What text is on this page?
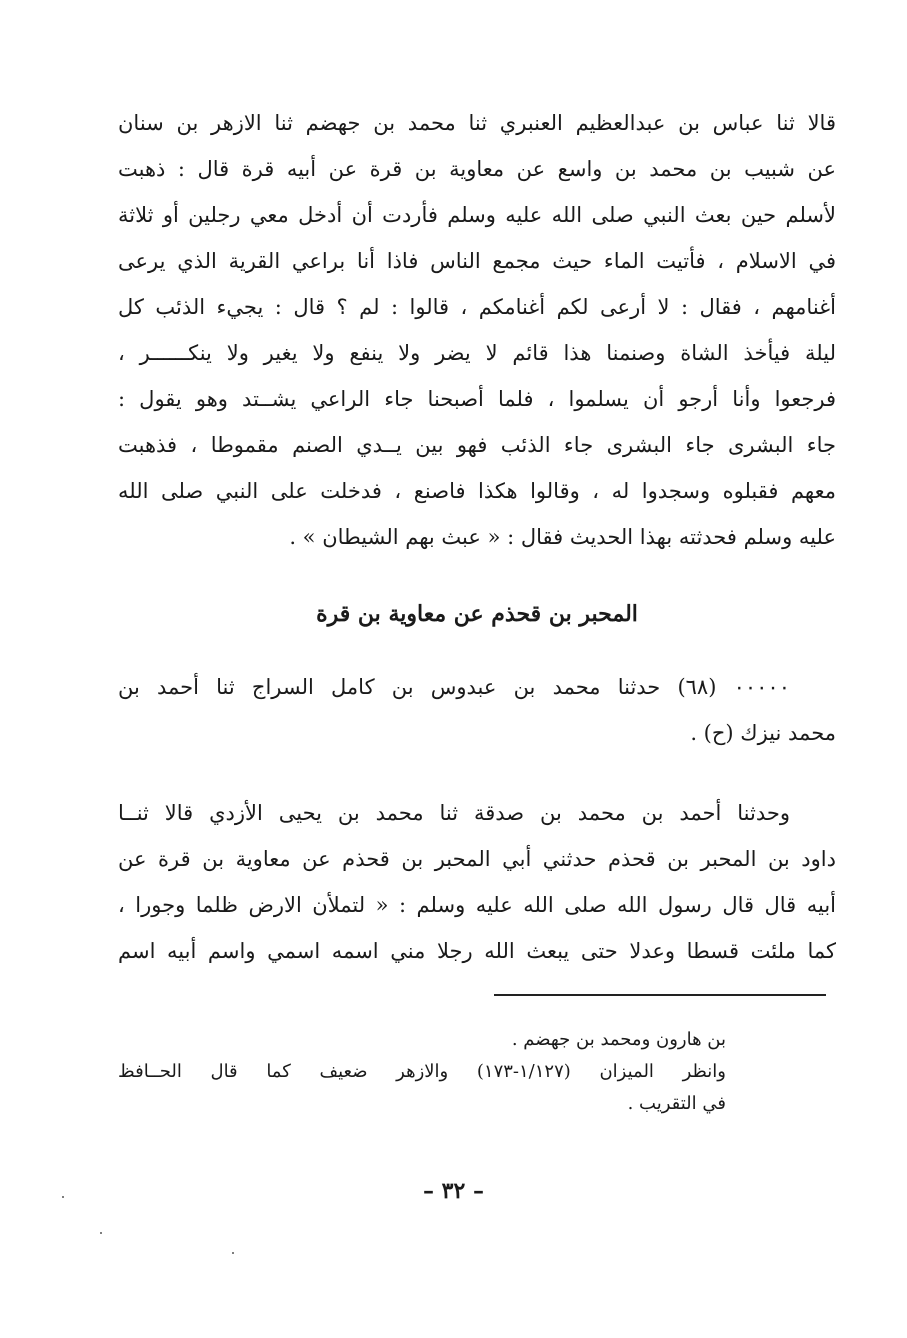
قالا ثنا عباس بن عبدالعظيم العنبري ثنا محمد بن جهضم ثنا الازهر بن سنان
عن شبيب بن محمد بن واسع عن معاوية بن قرة عن أبيه قرة قال : ذهبت
لأسلم حين بعث النبي صلى الله عليه وسلم فأردت أن أدخل معي رجلين أو ثلاثة
في الاسلام ، فأتيت الماء حيث مجمع الناس فاذا أنا براعي القرية الذي يرعى
أغنامهم ، فقال : لا أرعى لكم أغنامكم ، قالوا : لم ؟ قال : يجيء الذئب كل
ليلة فيأخذ الشاة وصنمنا هذا قائم لا يضر ولا ينفع ولا يغير ولا ينكــــــر ،
فرجعوا وأنا أرجو أن يسلموا ، فلما أصبحنا جاء الراعي يشــتد وهو يقول :
جاء البشرى جاء البشرى جاء الذئب فهو بين يــدي الصنم مقموطا ، فذهبت
معهم فقبلوه وسجدوا له ، وقالوا هكذا فاصنع ، فدخلت على النبي صلى الله
عليه وسلم فحدثته بهذا الحديث فقال : « عبث بهم الشيطان » .
المحبر بن قحذم عن معاوية بن قرة
٠٠٠٠٠ (٦٨) حدثنا محمد بن عبدوس بن كامل السراج ثنا أحمد بن
محمد نيزك (ح) .
وحدثنا أحمد بن محمد بن صدقة ثنا محمد بن يحيى الأزدي قالا ثنــا
داود بن المحبر بن قحذم حدثني أبي المحبر بن قحذم عن معاوية بن قرة عن
أبيه قال قال رسول الله صلى الله عليه وسلم : « لتملأن الارض ظلما وجورا ،
كما ملئت قسطا وعدلا حتى يبعث الله رجلا مني اسمه اسمي واسم أبيه اسم
بن هارون ومحمد بن جهضم .
وانظر الميزان (١/١٢٧-١٧٣) والازهر ضعيف كما قال الحــافظ
في التقريب .
– ٣٢ –
